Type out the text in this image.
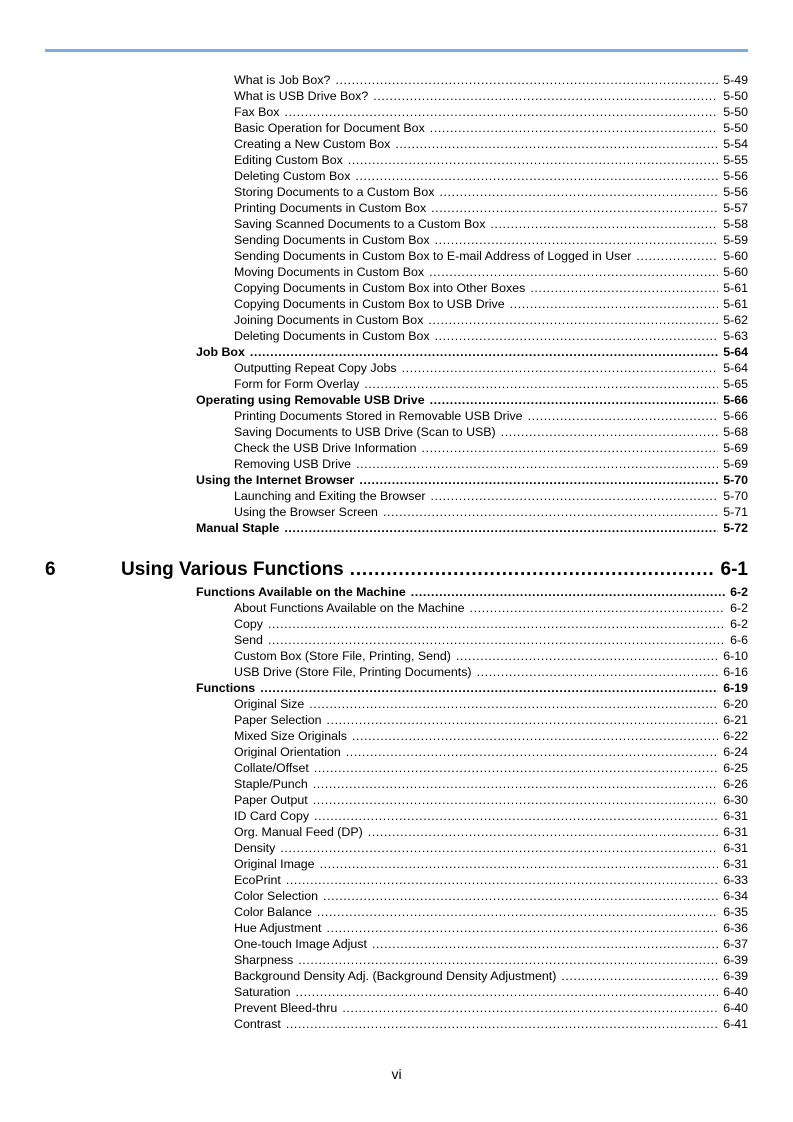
What is Job Box? .....	5-49
What is USB Drive Box? .....	5-50
Fax Box .....	5-50
Basic Operation for Document Box .....	5-50
Creating a New Custom Box .....	5-54
Editing Custom Box .....	5-55
Deleting Custom Box .....	5-56
Storing Documents to a Custom Box .....	5-56
Printing Documents in Custom Box .....	5-57
Saving Scanned Documents to a Custom Box .....	5-58
Sending Documents in Custom Box .....	5-59
Sending Documents in Custom Box to E-mail Address of Logged in User .....	5-60
Moving Documents in Custom Box .....	5-60
Copying Documents in Custom Box into Other Boxes .....	5-61
Copying Documents in Custom Box to USB Drive .....	5-61
Joining Documents in Custom Box .....	5-62
Deleting Documents in Custom Box .....	5-63
Job Box .....	5-64
Outputting Repeat Copy Jobs .....	5-64
Form for Form Overlay .....	5-65
Operating using Removable USB Drive .....	5-66
Printing Documents Stored in Removable USB Drive .....	5-66
Saving Documents to USB Drive (Scan to USB) .....	5-68
Check the USB Drive Information .....	5-69
Removing USB Drive .....	5-69
Using the Internet Browser .....	5-70
Launching and Exiting the Browser .....	5-70
Using the Browser Screen .....	5-71
Manual Staple .....	5-72
6	Using Various Functions .....	6-1
Functions Available on the Machine .....	6-2
About Functions Available on the Machine .....	6-2
Copy .....	6-2
Send .....	6-6
Custom Box (Store File, Printing, Send) .....	6-10
USB Drive (Store File, Printing Documents) .....	6-16
Functions .....	6-19
Original Size .....	6-20
Paper Selection .....	6-21
Mixed Size Originals .....	6-22
Original Orientation .....	6-24
Collate/Offset .....	6-25
Staple/Punch .....	6-26
Paper Output .....	6-30
ID Card Copy .....	6-31
Org. Manual Feed (DP) .....	6-31
Density .....	6-31
Original Image .....	6-31
EcoPrint .....	6-33
Color Selection .....	6-34
Color Balance .....	6-35
Hue Adjustment .....	6-36
One-touch Image Adjust .....	6-37
Sharpness .....	6-39
Background Density Adj. (Background Density Adjustment) .....	6-39
Saturation .....	6-40
Prevent Bleed-thru .....	6-40
Contrast .....	6-41
vi
